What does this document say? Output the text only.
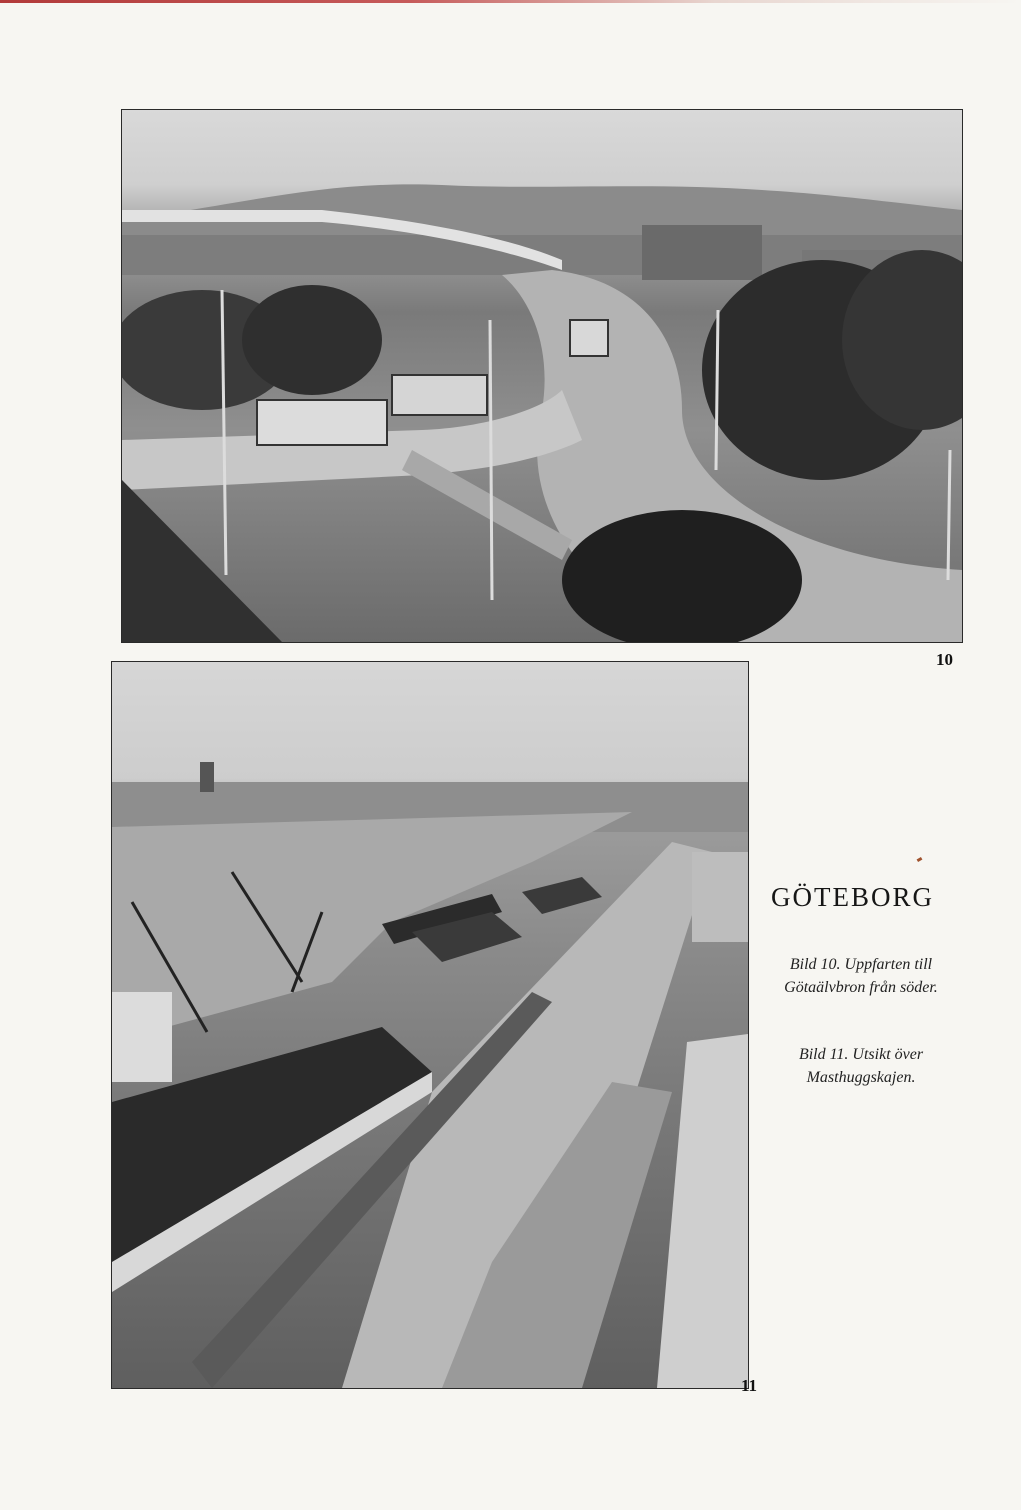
10
11
GÖTEBORG
Bild 10. Uppfarten till Götaälvbron från söder.
Bild 11. Utsikt över Masthuggskajen.
